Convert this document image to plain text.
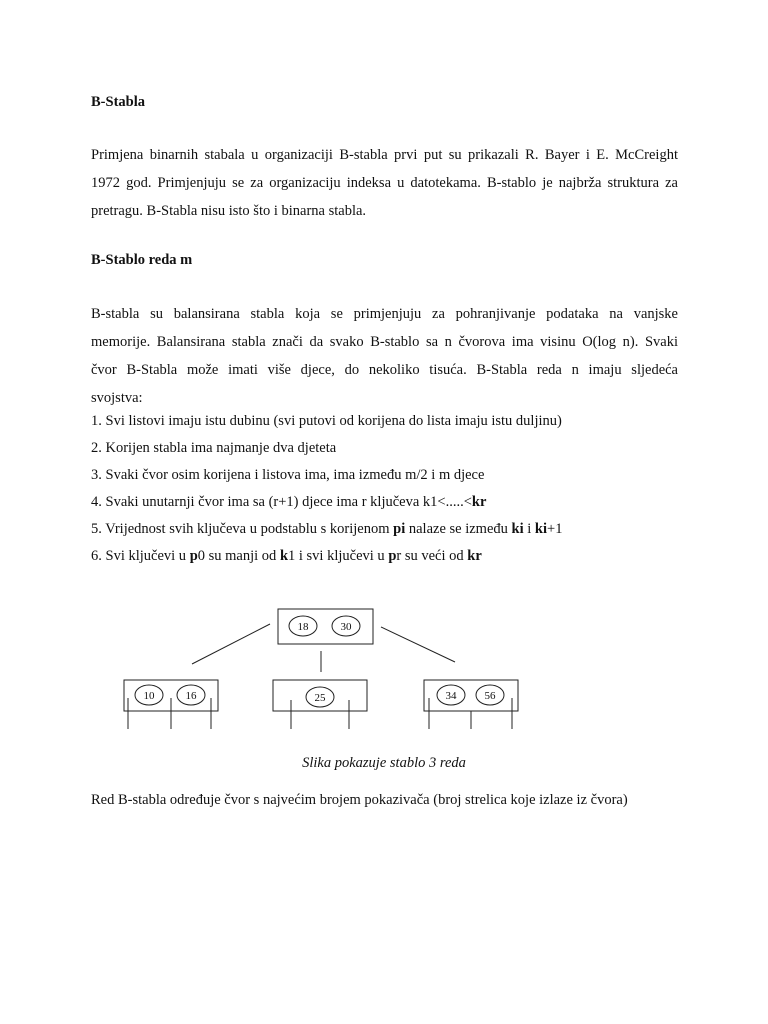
B-Stabla
Primjena binarnih stabala u organizaciji B-stabla prvi put su prikazali R. Bayer i E. McCreight
1972 god. Primjenjuju se za organizaciju indeksa u datotekama. B-stablo je najbrža struktura za
pretragu. B-Stabla nisu isto što i binarna stabla.
B-Stablo reda m
B-stabla su balansirana stabla koja se primjenjuju za pohranjivanje podataka na vanjske
memorije. Balansirana stabla znači da svako B-stablo sa n čvorova ima visinu O(log n). Svaki
čvor B-Stabla može imati više djece, do nekoliko tisuća. B-Stabla reda n imaju sljedeća
svojstva:
1. Svi listovi imaju istu dubinu (svi putovi od korijena do lista imaju istu duljinu)
2. Korijen stabla ima najmanje dva djeteta
3. Svaki čvor osim korijena i listova ima, ima između m/2 i m djece
4. Svaki unutarnji čvor ima sa (r+1) djece ima r ključeva k1<.....<kr
5. Vrijednost svih ključeva u podstablu s korijenom pi nalaze se između ki i ki+1
6. Svi ključevi u p0 su manji od k1 i svi ključevi u pr su veći od kr
18	30
10	16	25	34	56
Slika pokazuje stablo 3 reda
Red B-stabla određuje čvor s najvećim brojem pokazivača (broj strelica koje izlaze iz čvora)
